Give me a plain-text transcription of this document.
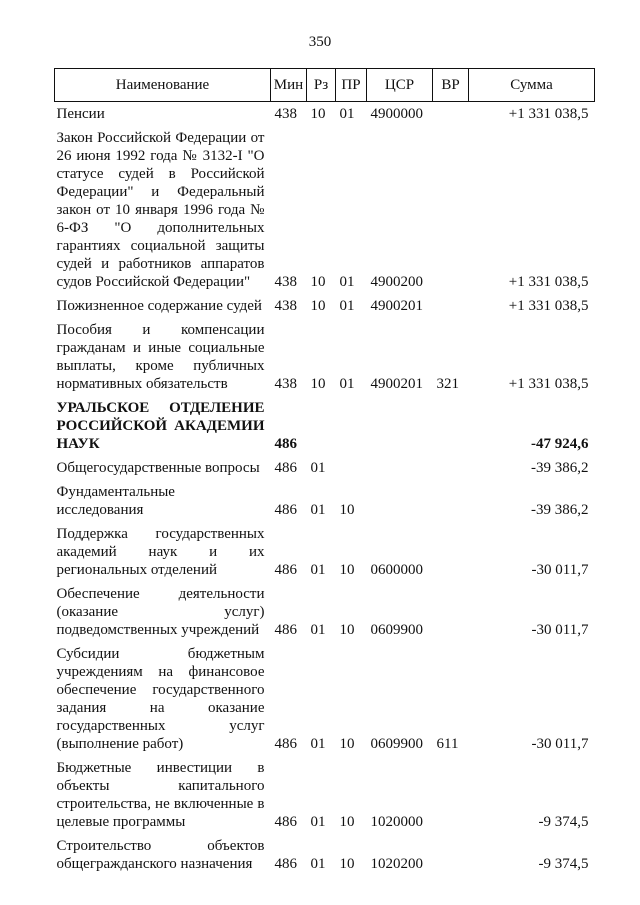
350
Наименование	Мин	Рз	ПР	ЦСР	ВР	Сумма
Пенсии	438	10	01	4900000		+1 331 038,5
Закон Российской Федерации от 26 июня 1992 года № 3132-I "О статусе судей в Российской Федерации" и Федеральный закон от 10 января 1996 года № 6-ФЗ "О дополнительных гарантиях социальной защиты судей и работников аппаратов судов Российской Федерации"	438	10	01	4900200		+1 331 038,5
Пожизненное содержание судей	438	10	01	4900201		+1 331 038,5
Пособия и компенсации гражданам и иные социальные выплаты, кроме публичных нормативных обязательств	438	10	01	4900201	321	+1 331 038,5
УРАЛЬСКОЕ ОТДЕЛЕНИЕ РОССИЙСКОЙ АКАДЕМИИ НАУК	486					-47 924,6
Общегосударственные вопросы	486	01				-39 386,2
Фундаментальные исследования	486	01	10			-39 386,2
Поддержка государственных академий наук и их региональных отделений	486	01	10	0600000		-30 011,7
Обеспечение деятельности (оказание услуг) подведомственных учреждений	486	01	10	0609900		-30 011,7
Субсидии бюджетным учреждениям на финансовое обеспечение государственного задания на оказание государственных услуг (выполнение работ)	486	01	10	0609900	611	-30 011,7
Бюджетные инвестиции в объекты капитального строительства, не включенные в целевые программы	486	01	10	1020000		-9 374,5
Строительство объектов общегражданского назначения	486	01	10	1020200		-9 374,5
